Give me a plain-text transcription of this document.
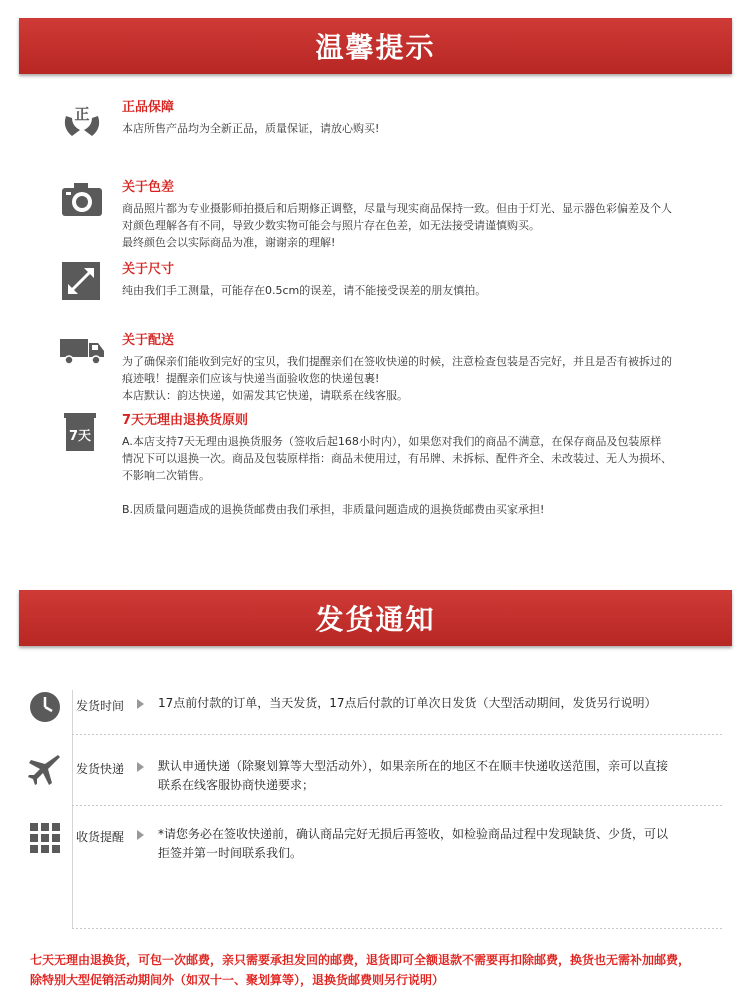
温馨提示
正 正品保障

本店所售产品均为全新正品，质量保证，请放心购买!

关于色差

商品照片都为专业摄影师拍摄后和后期修正调整，尽量与现实商品保持一致。但由于灯光、显示器色彩偏差及个人

对颜色理解各有不同，导致少数实物可能会与照片存在色差，如无法接受请谨慎购买。

最终颜色会以实际商品为准，谢谢亲的理解!

关于尺寸

纯由我们手工测量，可能存在0.5cm的误差，请不能接受误差的朋友慎拍。

关于配送

为了确保亲们能收到完好的宝贝，我们提醒亲们在签收快递的时候，注意检查包装是否完好，并且是否有被拆过的

痕迹哦！提醒亲们应该与快递当面验收您的快递包裹!

本店默认：韵达快递，如需发其它快递，请联系在线客服。

7天
7天无理由退换货原则

A.本店支持7天无理由退换货服务（签收后起168小时内），如果您对我们的商品不满意，在保存商品及包装原样

情况下可以退换一次。商品及包装原样指：商品未使用过，有吊牌、未拆标、配件齐全、未改装过、无人为损坏、

不影响二次销售。

B.因质量问题造成的退换货邮费由我们承担，非质量问题造成的退换货邮费由买家承担!

发货通知
发货时间	17点前付款的订单，当天发货，17点后付款的订单次日发货（大型活动期间，发货另行说明）

发货快递	默认申通快递（除聚划算等大型活动外），如果亲所在的地区不在顺丰快递收送范围，亲可以直接

联系在线客服协商快递要求；

收货提醒	*请您务必在签收快递前，确认商品完好无损后再签收，如检验商品过程中发现缺货、少货，可以

拒签并第一时间联系我们。

七天无理由退换货，可包一次邮费，亲只需要承担发回的邮费，退货即可全额退款不需要再扣除邮费，换货也无需补加邮费，

除特别大型促销活动期间外（如双十一、聚划算等），退换货邮费则另行说明）
